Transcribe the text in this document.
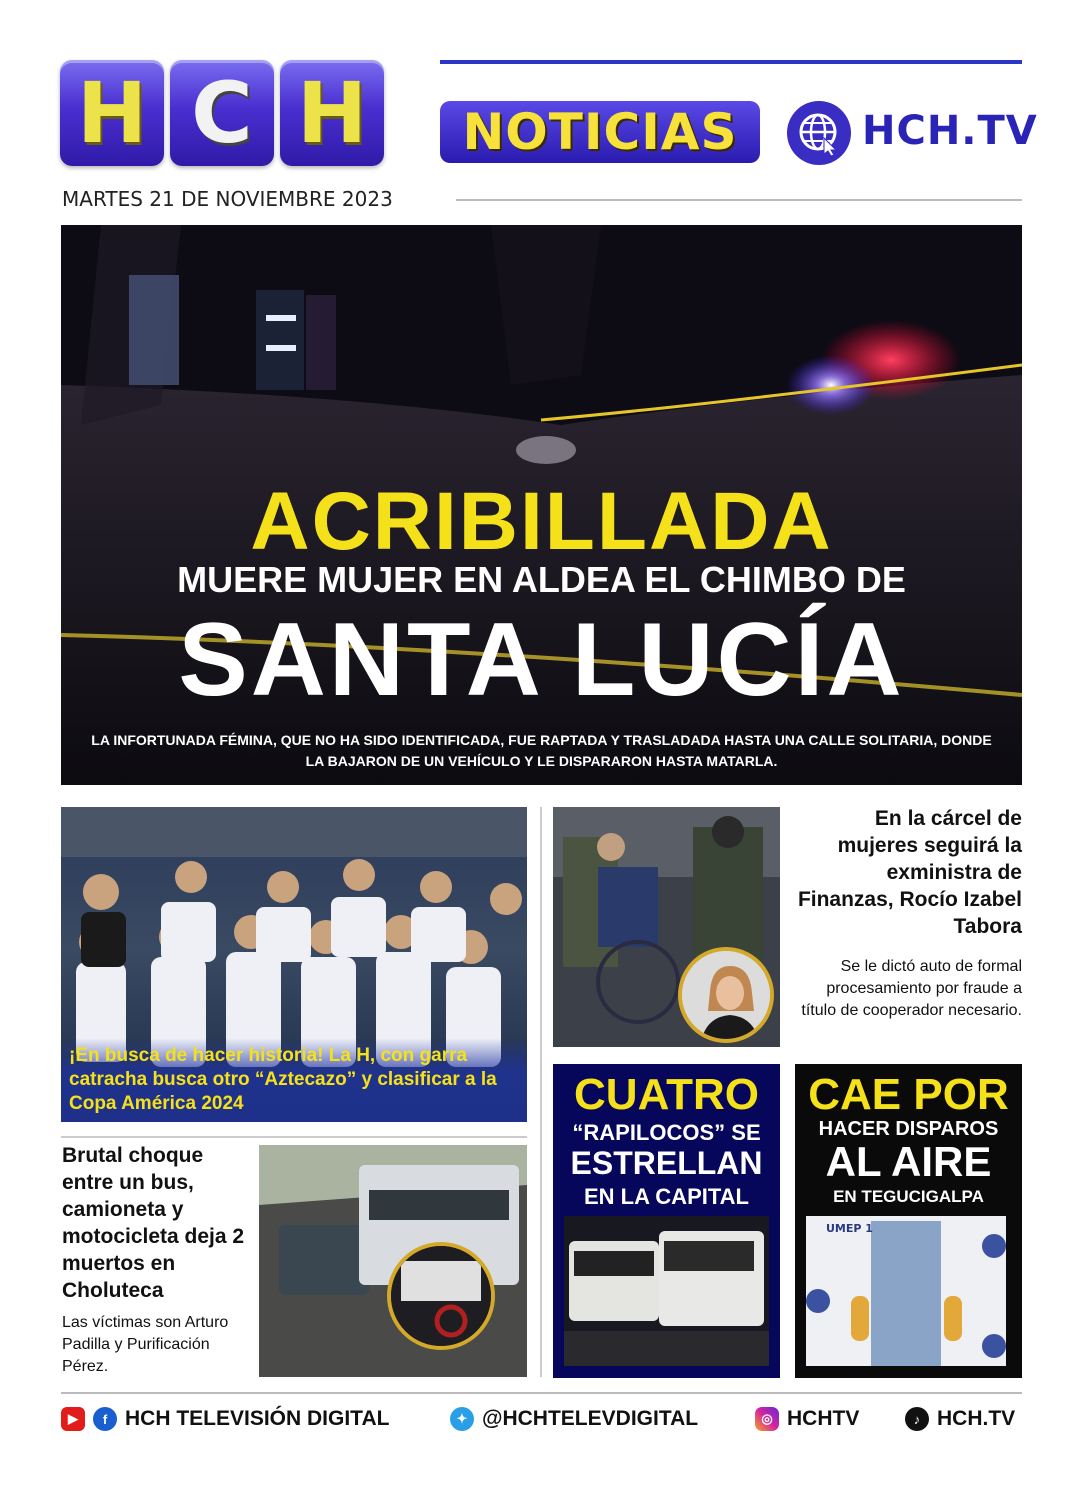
H C H	NOTICIAS	HCH.TV
MARTES 21 DE NOVIEMBRE 2023
ACRIBILLADA
MUERE MUJER EN ALDEA EL CHIMBO DE
SANTA LUCÍA
LA INFORTUNADA FÉMINA, QUE NO HA SIDO IDENTIFICADA, FUE RAPTADA Y TRASLADADA HASTA UNA CALLE SOLITARIA, DONDE LA BAJARON DE UN VEHÍCULO Y LE DISPARARON HASTA MATARLA.
¡En busca de hacer historia! La H, con garra catracha busca otro “Aztecazo” y clasificar a la Copa América 2024
En la cárcel de mujeres seguirá la exministra de Finanzas, Rocío Izabel Tabora
Se le dictó auto de formal procesamiento por fraude a título de cooperador necesario.
Brutal choque entre un bus, camioneta y motocicleta deja 2 muertos en Choluteca
Las víctimas son Arturo Padilla y Purificación Pérez.
CUATRO
“RAPILOCOS” SE
ESTRELLAN
EN LA CAPITAL
CAE POR
HACER DISPAROS
AL AIRE
EN TEGUCIGALPA
UMEP 1
▶	f HCH TELEVISIÓN DIGITAL	✦ @HCHTELEVDIGITAL	◎ HCHTV	♪ HCH.TV
